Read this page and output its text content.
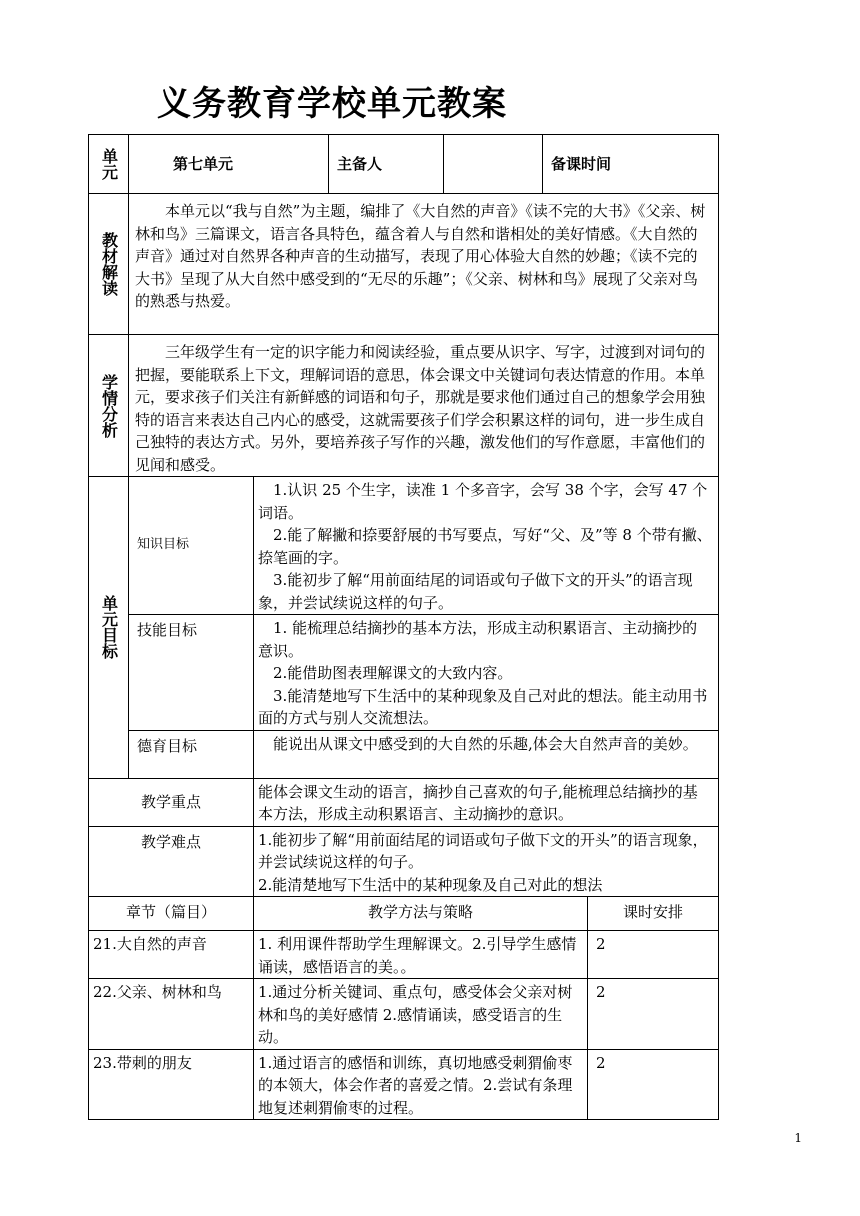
义务教育学校单元教案
单元	第七单元		主备人		备课时间	
教材解读	本单元以“我与自然”为主题，编排了《大自然的声音》《读不完的大书》《父亲、树林和鸟》三篇课文，语言各具特色，蕴含着人与自然和谐相处的美好情感。《大自然的声音》通过对自然界各种声音的生动描写，表现了用心体验大自然的妙趣；《读不完的大书》呈现了从大自然中感受到的“无尽的乐趣”；《父亲、树林和鸟》展现了父亲对鸟的熟悉与热爱。					
学情分析	三年级学生有一定的识字能力和阅读经验，重点要从识字、写字，过渡到对词句的把握，要能联系上下文，理解词语的意思，体会课文中关键词句表达情意的作用。本单元，要求孩子们关注有新鲜感的词语和句子，那就是要求他们通过自己的想象学会用独特的语言来表达自己内心的感受，这就需要孩子们学会积累这样的词句，进一步生成自己独特的表达方式。另外，要培养孩子写作的兴趣，激发他们的写作意愿，丰富他们的见闻和感受。					
单元目标	知识目标	1.认识 25 个生字，读准 1 个多音字，会写 38 个字，会写 47 个词语。

2.能了解撇和捺要舒展的书写要点，写好“父、及”等 8 个带有撇、捺笔画的字。

3.能初步了解“用前面结尾的词语或句子做下文的开头”的语言现象，并尝试续说这样的句子。				

	技能目标	1. 能梳理总结摘抄的基本方法，形成主动积累语言、主动摘抄的意识。

2.能借助图表理解课文的大致内容。

3.能清楚地写下生活中的某种现象及自己对此的想法。能主动用书面的方式与别人交流想法。				

	德育目标	能说出从课文中感受到的大自然的乐趣,体会大自然声音的美妙。				

教学重点		能体会课文生动的语言，摘抄自己喜欢的句子,能梳理总结摘抄的基本方法，形成主动积累语言、主动摘抄的意识。				
教学难点		1.能初步了解“用前面结尾的词语或句子做下文的开头”的语言现象，并尝试续说这样的句子。
2.能清楚地写下生活中的某种现象及自己对此的想法				

章节（篇目）		教学方法与策略				课时安排
21.大自然的声音		1. 利用课件帮助学生理解课文。2.引导学生感情诵读，感悟语言的美。。				2
22.父亲、树林和鸟		1.通过分析关键词、重点句，感受体会父亲对树林和鸟的美好感情 2.感情诵读，感受语言的生动。				2
23.带刺的朋友		1.通过语言的感悟和训练，真切地感受刺猬偷枣的本领大，体会作者的喜爱之情。2.尝试有条理地复述刺猬偷枣的过程。				2
1
